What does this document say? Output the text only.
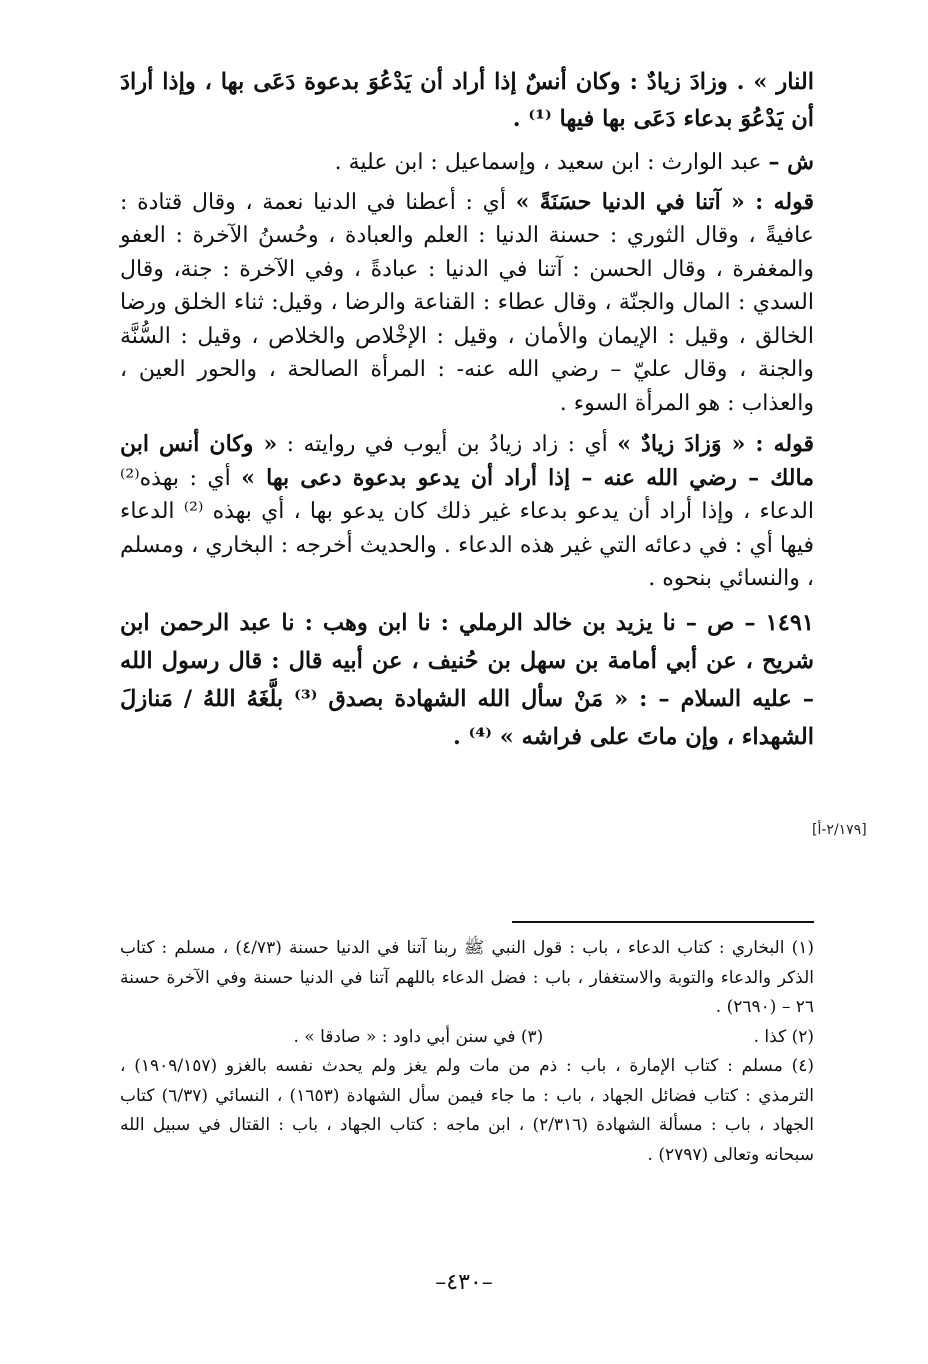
النار » . وزادَ زيادٌ : وكان أنسٌ إذا أراد أن يَدْعُوَ بدعوة دَعَى بها ، وإذا أرادَ أن يَدْعُوَ بدعاء دَعَى بها فيها ⁽¹⁾ .

ش – عبد الوارث : ابن سعيد ، وإسماعيل : ابن علية .

قوله : « آتنا في الدنيا حسَنَةً » أي : أعطنا في الدنيا نعمة ، وقال قتادة : عافيةً ، وقال الثوري : حسنة الدنيا : العلم والعبادة ، وحُسنُ الآخرة : العفو والمغفرة ، وقال الحسن : آتنا في الدنيا : عبادةً ، وفي الآخرة : جنة، وقال السدي : المال والجنّة ، وقال عطاء : القناعة والرضا ، وقيل: ثناء الخلق ورضا الخالق ، وقيل : الإيمان والأمان ، وقيل : الإخْلاص والخلاص ، وقيل : السُّنَّة والجنة ، وقال عليّ – رضي الله عنه- : المرأة الصالحة ، والحور العين ، والعذاب : هو المرأة السوء .

قوله : « وَزادَ زيادٌ » أي : زاد زيادُ بن أيوب في روايته : « وكان أنس ابن مالك – رضي الله عنه – إذا أراد أن يدعو بدعوة دعى بها » أي : بهذه⁽²⁾ الدعاء ، وإذا أراد أن يدعو بدعاء غير ذلك كان يدعو بها ، أي بهذه ⁽²⁾ الدعاء فيها أي : في دعائه التي غير هذه الدعاء . والحديث أخرجه : البخاري ، ومسلم ، والنسائي بنحوه .

١٤٩١ – ص – نا يزيد بن خالد الرملي : نا ابن وهب : نا عبد الرحمن ابن شريح ، عن أبي أمامة بن سهل بن حُنيف ، عن أبيه قال : قال رسول الله – عليه السلام – : « مَنْ سأل الله الشهادة بصدق ⁽³⁾ بلَّغَهُ اللهُ / مَنازلَ الشهداء ، وإن ماتَ على فراشه » ⁽⁴⁾ .

[٢/١٧٩-أ]

(١) البخاري : كتاب الدعاء ، باب : قول النبي ﷺ ربنا آتنا في الدنيا حسنة (٤/٧٣) ، مسلم : كتاب الذكر والدعاء والتوبة والاستغفار ، باب : فضل الدعاء باللهم آتنا في الدنيا حسنة وفي الآخرة حسنة ٢٦ – (٢٦٩٠) .

(٢) كذا .
(٣) في سنن أبي داود : « صادقا » .

(٤) مسلم : كتاب الإمارة ، باب : ذم من مات ولم يغز ولم يحدث نفسه بالغزو (١٩٠٩/١٥٧) ، الترمذي : كتاب فضائل الجهاد ، باب : ما جاء فيمن سأل الشهادة (١٦٥٣) ، النسائي (٦/٣٧) كتاب الجهاد ، باب : مسألة الشهادة (٢/٣١٦) ، ابن ماجه : كتاب الجهاد ، باب : القتال في سبيل الله سبحانه وتعالى (٢٧٩٧) .

–٤٣٠–
